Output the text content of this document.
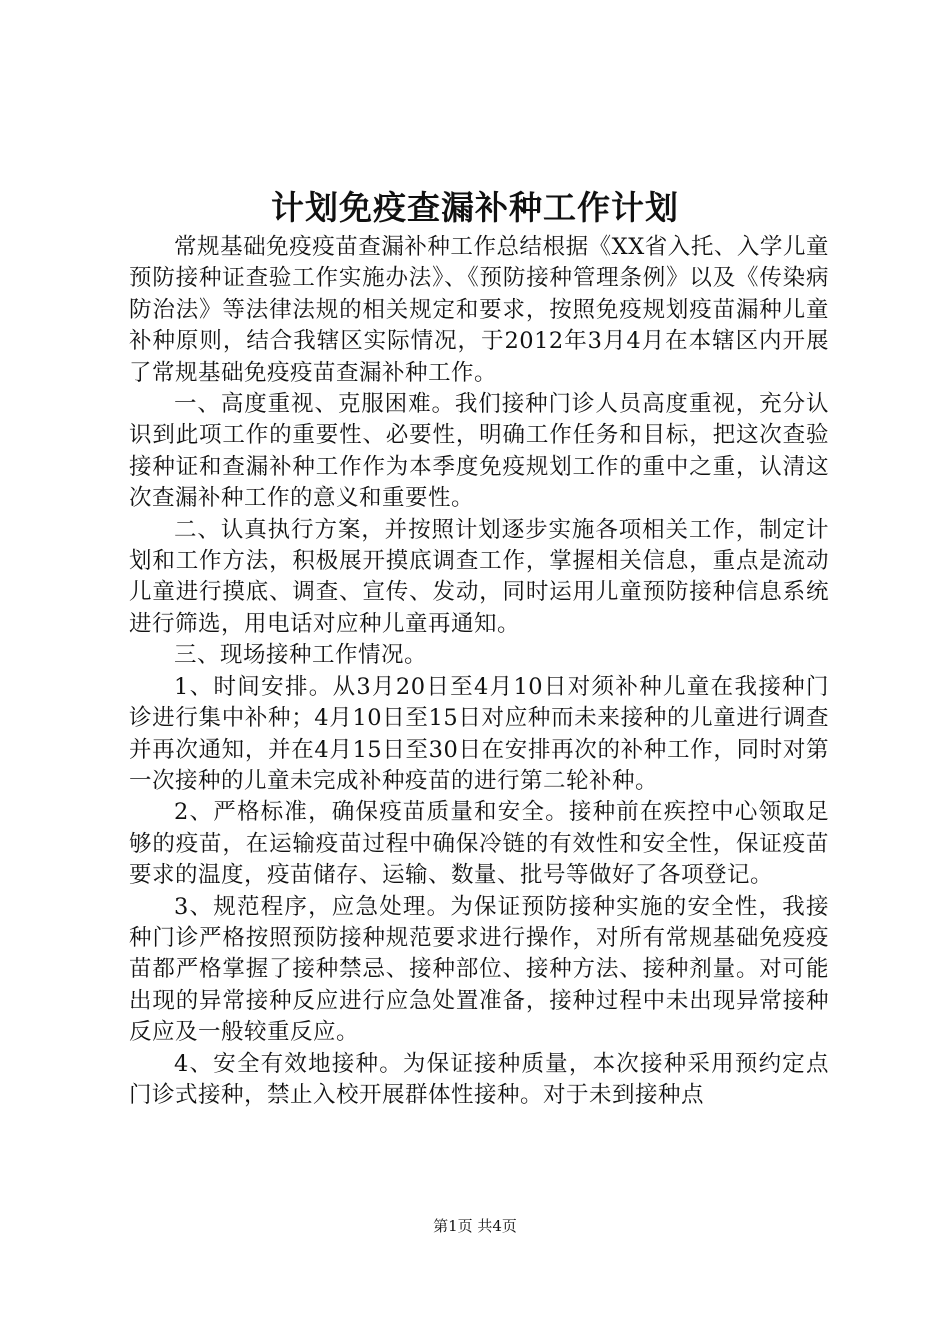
计划免疫查漏补种工作计划

常规基础免疫疫苗查漏补种工作总结根据《XX省入托、入学儿童预防接种证查验工作实施办法》、《预防接种管理条例》以及《传染病防治法》等法律法规的相关规定和要求，按照免疫规划疫苗漏种儿童补种原则，结合我辖区实际情况，于2012年3月4月在本辖区内开展了常规基础免疫疫苗查漏补种工作。

一、高度重视、克服困难。我们接种门诊人员高度重视，充分认识到此项工作的重要性、必要性，明确工作任务和目标，把这次查验接种证和查漏补种工作作为本季度免疫规划工作的重中之重，认清这次查漏补种工作的意义和重要性。

二、认真执行方案，并按照计划逐步实施各项相关工作，制定计划和工作方法，积极展开摸底调查工作，掌握相关信息，重点是流动儿童进行摸底、调查、宣传、发动，同时运用儿童预防接种信息系统进行筛选，用电话对应种儿童再通知。

三、现场接种工作情况。

1、时间安排。从3月20日至4月10日对须补种儿童在我接种门诊进行集中补种；4月10日至15日对应种而未来接种的儿童进行调查并再次通知，并在4月15日至30日在安排再次的补种工作，同时对第一次接种的儿童未完成补种疫苗的进行第二轮补种。

2、严格标准，确保疫苗质量和安全。接种前在疾控中心领取足够的疫苗，在运输疫苗过程中确保冷链的有效性和安全性，保证疫苗要求的温度，疫苗储存、运输、数量、批号等做好了各项登记。

3、规范程序，应急处理。为保证预防接种实施的安全性，我接种门诊严格按照预防接种规范要求进行操作，对所有常规基础免疫疫苗都严格掌握了接种禁忌、接种部位、接种方法、接种剂量。对可能出现的异常接种反应进行应急处置准备，接种过程中未出现异常接种反应及一般较重反应。

4、安全有效地接种。为保证接种质量，本次接种采用预约定点门诊式接种，禁止入校开展群体性接种。对于未到接种点

第1页 共4页
